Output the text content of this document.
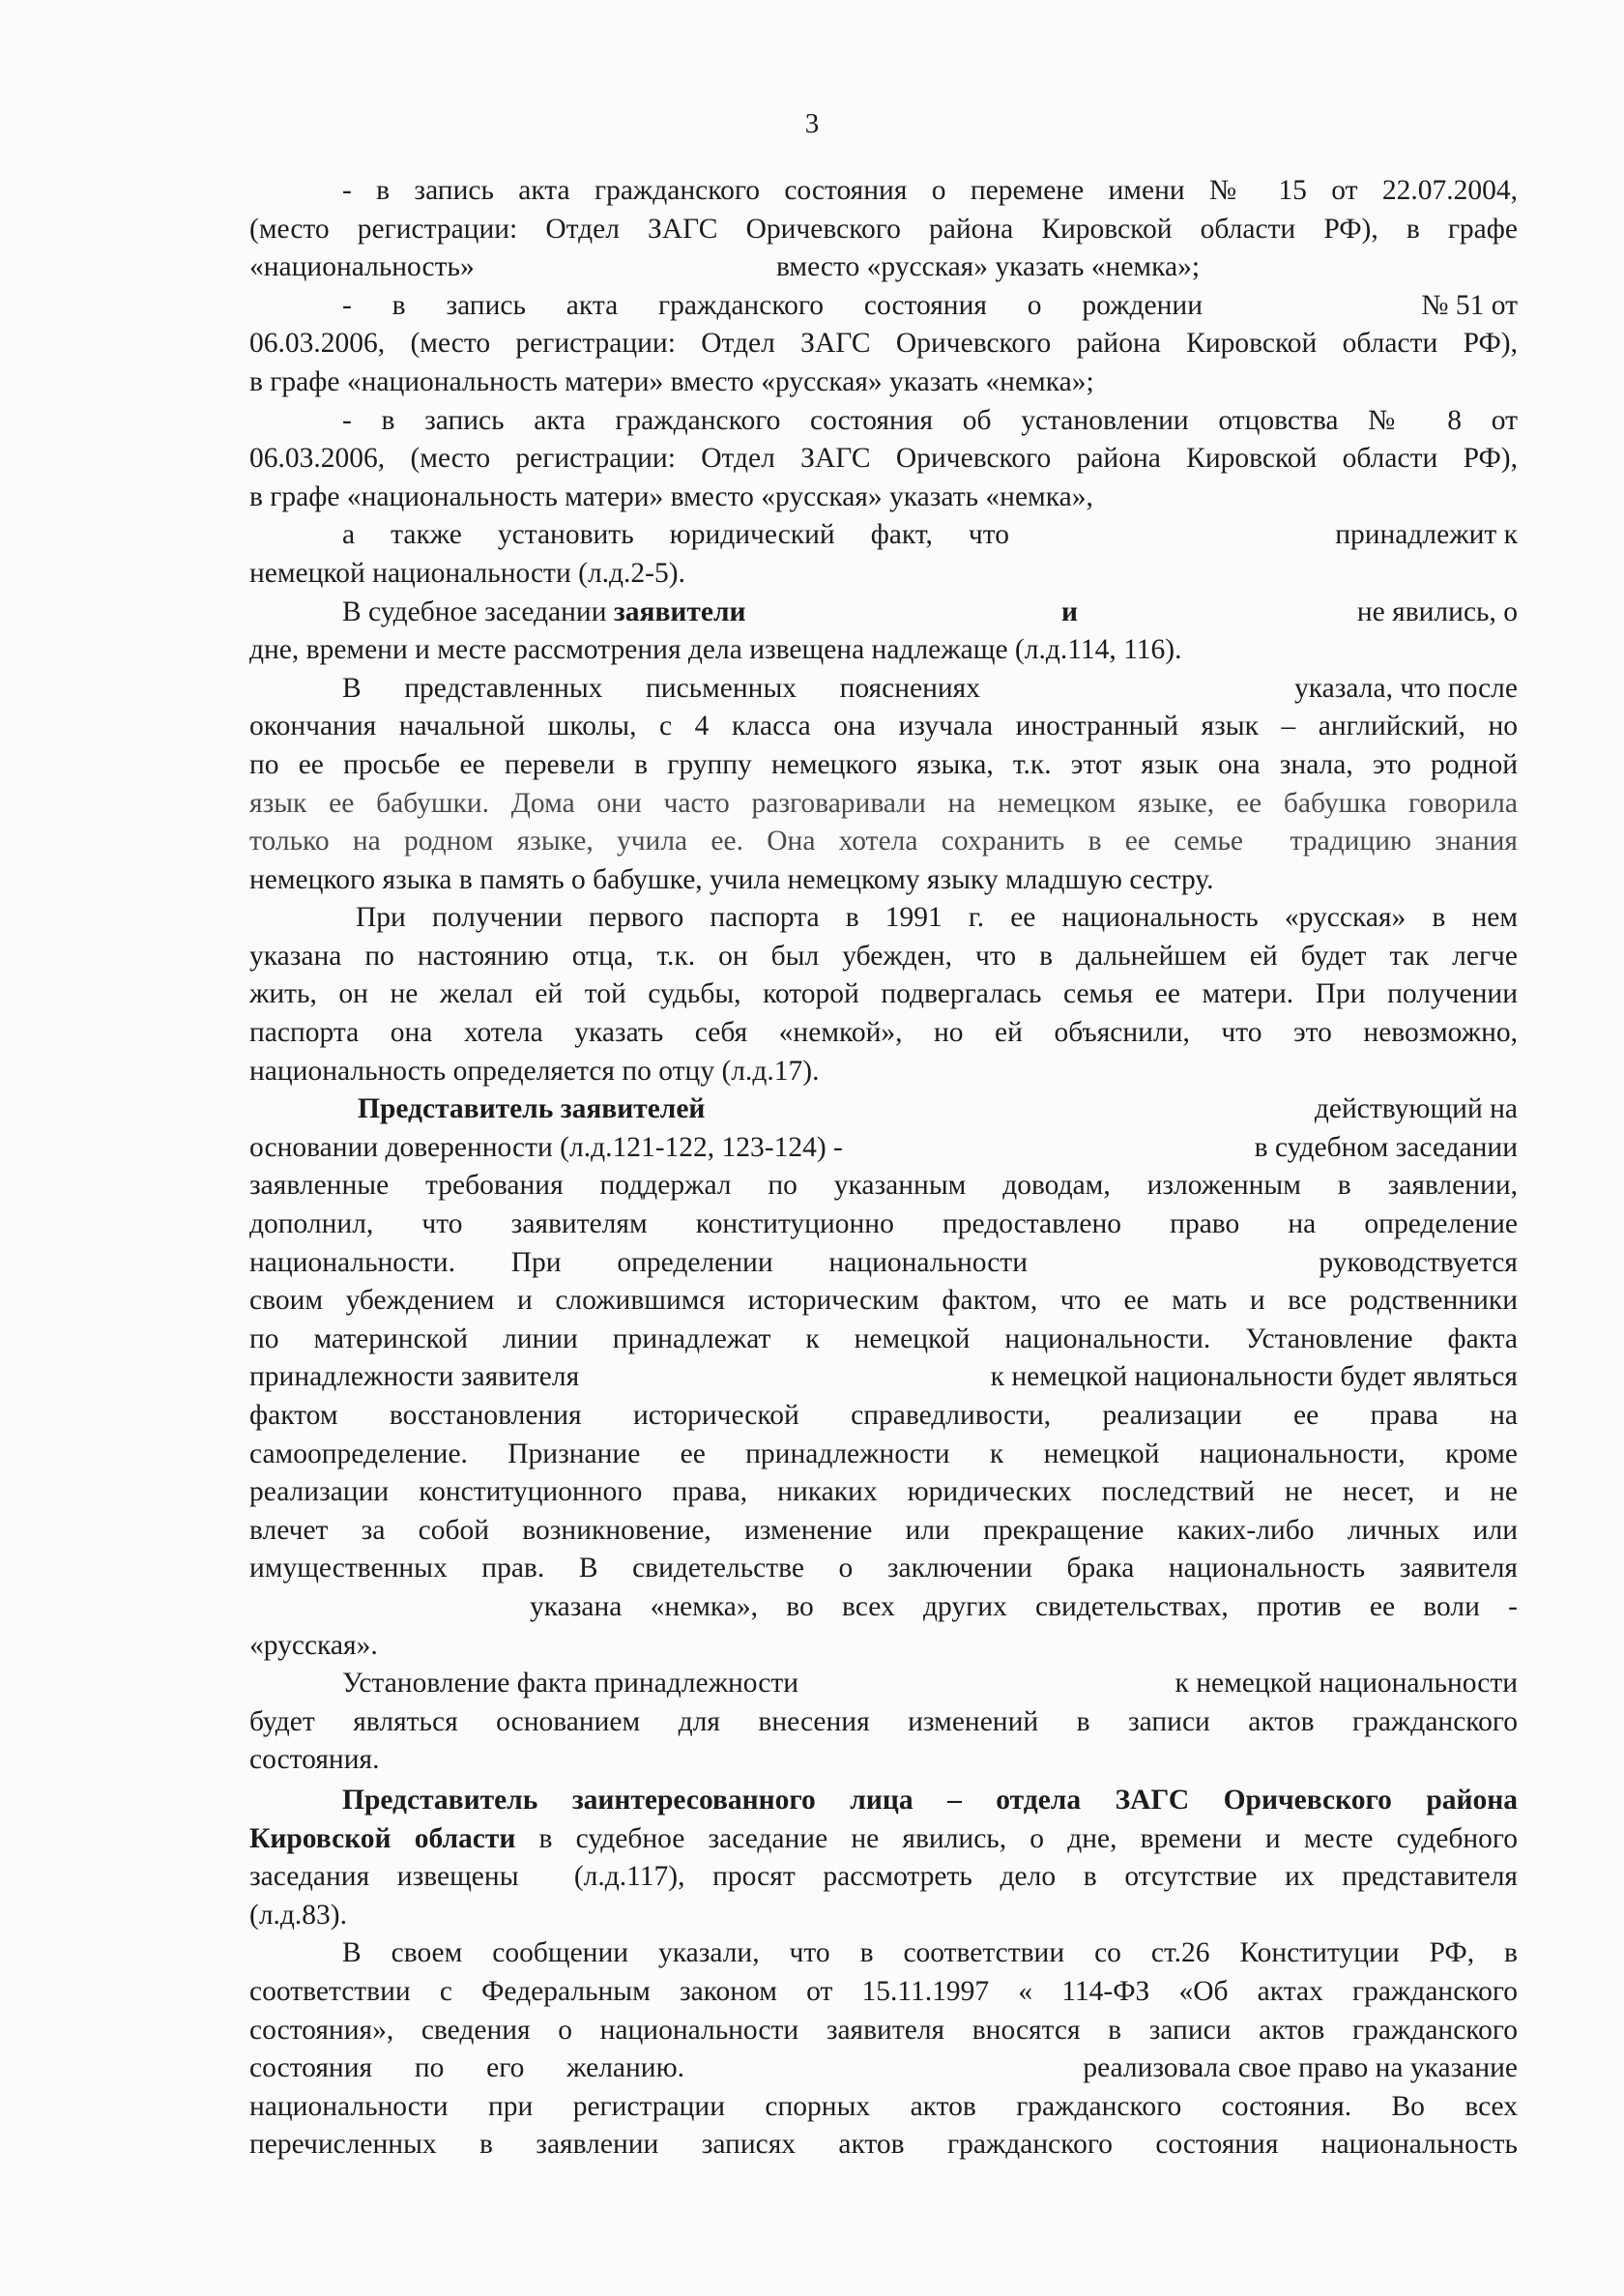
3
- в запись акта гражданского состояния о перемене имени № 15 от 22.07.2004,
(место регистрации: Отдел ЗАГС Оричевского района Кировской области РФ), в графе

«национальность»

	вместо «русская» указать «немка»;

- в запись акта гражданского состояния о рождении

	№ 51 от

06.03.2006, (место регистрации: Отдел ЗАГС Оричевского района Кировской области РФ),
в графе «национальность матери» вместо «русская» указать «немка»;
- в запись акта гражданского состояния об установлении отцовства № 8 от
06.03.2006, (место регистрации: Отдел ЗАГС Оричевского района Кировской области РФ),
в графе «национальность матери» вместо «русская» указать «немка»,

а также установить юридический факт, что

	принадлежит к

немецкой национальности (л.д.2-5).

В судебное заседании заявители

	и

	не явились, о

дне, времени и месте рассмотрения дела извещена надлежаще (л.д.114, 116).

В представленных письменных пояснениях

	указала, что после

окончания начальной школы, с 4 класса она изучала иностранный язык – английский, но
по ее просьбе ее перевели в группу немецкого языка, т.к. этот язык она знала, это родной
язык ее бабушки. Дома они часто разговаривали на немецком языке, ее бабушка говорила
только на родном языке, учила ее. Она хотела сохранить в ее семье  традицию знания
немецкого языка в память о бабушке, учила немецкому языку младшую сестру.
При получении первого паспорта в 1991 г. ее национальность «русская» в нем
указана по настоянию отца, т.к. он был убежден, что в дальнейшем ей будет так легче
жить, он не желал ей той судьбы, которой подвергалась семья ее матери. При получении
паспорта она хотела указать себя «немкой», но ей объяснили, что это невозможно,
национальность определяется по отцу (л.д.17).

Представитель заявителей

	действующий на

основании доверенности (л.д.121-122, 123-124) -

	в судебном заседании

заявленные требования поддержал по указанным доводам, изложенным в заявлении,
дополнил, что заявителям конституционно предоставлено право на определение

национальности. При определении национальности

	руководствуется

своим убеждением и сложившимся историческим фактом, что ее мать и все родственники
по материнской линии принадлежат к немецкой национальности. Установление факта

принадлежности заявителя

	к немецкой национальности будет являться

фактом восстановления исторической справедливости, реализации ее права на
самоопределение. Признание ее принадлежности к немецкой национальности, кроме
реализации конституционного права, никаких юридических последствий не несет, и не
влечет за собой возникновение, изменение или прекращение каких-либо личных или
имущественных прав. В свидетельстве о заключении брака национальность заявителя

указана «немка», во всех других свидетельствах, против ее воли -

«русская».

Установление факта принадлежности

	к немецкой национальности

будет являться основанием для внесения изменений в записи актов гражданского
состояния.
Представитель заинтересованного лица – отдела ЗАГС Оричевского района
Кировской области в судебное заседание не явились, о дне, времени и месте судебного
заседания извещены  (л.д.117), просят рассмотреть дело в отсутствие их представителя
(л.д.83).
В своем сообщении указали, что в соответствии со ст.26 Конституции РФ, в
соответствии с Федеральным законом от 15.11.1997 « 114-ФЗ «Об актах гражданского
состояния», сведения о национальности заявителя вносятся в записи актов гражданского

состояния по его желанию.

	реализовала свое право на указание

национальности при регистрации спорных актов гражданского состояния. Во всех
перечисленных в заявлении записях актов гражданского состояния национальность
